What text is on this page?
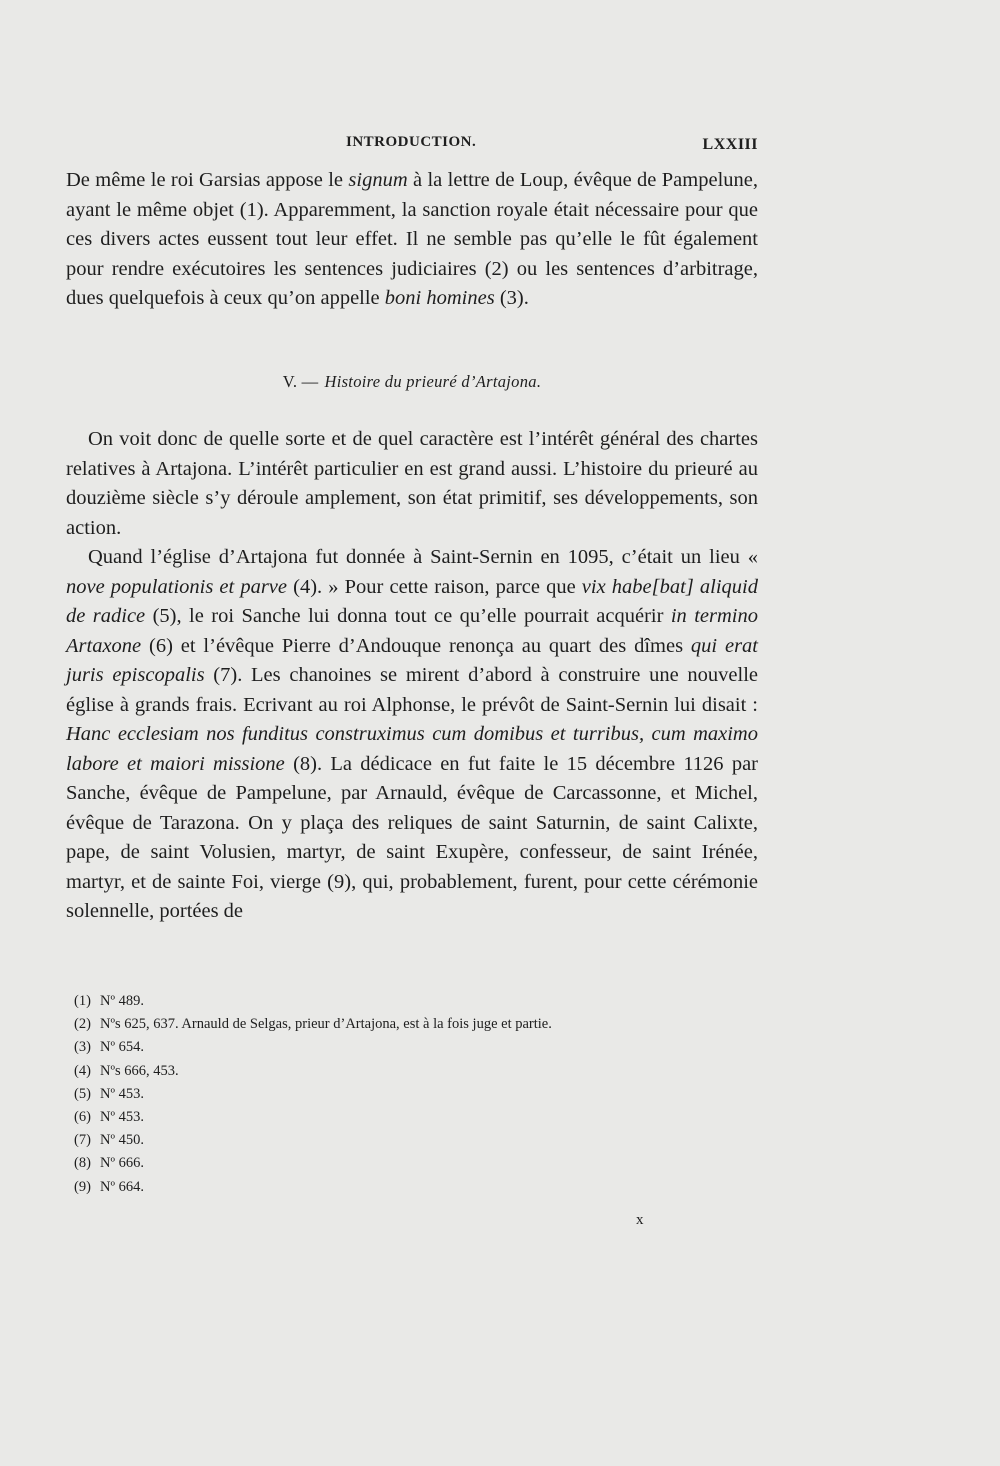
INTRODUCTION.	LXXIII

De même le roi Garsias appose le signum à la lettre de Loup, évêque de Pampelune, ayant le même objet (1). Apparemment, la sanction royale était nécessaire pour que ces divers actes eussent tout leur effet. Il ne semble pas qu’elle le fût également pour rendre exécutoires les sentences judiciaires (2) ou les sentences d’arbitrage, dues quelquefois à ceux qu’on appelle boni homines (3).

V. — Histoire du prieuré d’Artajona.

On voit donc de quelle sorte et de quel caractère est l’intérêt général des chartes relatives à Artajona. L’intérêt particulier en est grand aussi. L’histoire du prieuré au douzième siècle s’y déroule amplement, son état primitif, ses développements, son action.

Quand l’église d’Artajona fut donnée à Saint-Sernin en 1095, c’était un lieu « nove populationis et parve (4). » Pour cette raison, parce que vix habe[bat] aliquid de radice (5), le roi Sanche lui donna tout ce qu’elle pourrait acquérir in termino Artaxone (6) et l’évêque Pierre d’Andouque renonça au quart des dîmes qui erat juris episcopalis (7). Les chanoines se mirent d’abord à construire une nouvelle église à grands frais. Ecrivant au roi Alphonse, le prévôt de Saint-Sernin lui disait : Hanc ecclesiam nos funditus construximus cum domibus et turribus, cum maximo labore et maiori missione (8). La dédicace en fut faite le 15 décembre 1126 par Sanche, évêque de Pampelune, par Arnauld, évêque de Carcassonne, et Michel, évêque de Tarazona. On y plaça des reliques de saint Saturnin, de saint Calixte, pape, de saint Volusien, martyr, de saint Exupère, confesseur, de saint Irénée, martyr, et de sainte Foi, vierge (9), qui, probablement, furent, pour cette cérémonie solennelle, portées de

(1) Nº 489.
(2) Nºs 625, 637. Arnauld de Selgas, prieur d’Artajona, est à la fois juge et partie.
(3) Nº 654.
(4) Nºs 666, 453.
(5) Nº 453.
(6) Nº 453.
(7) Nº 450.
(8) Nº 666.
(9) Nº 664.
x
